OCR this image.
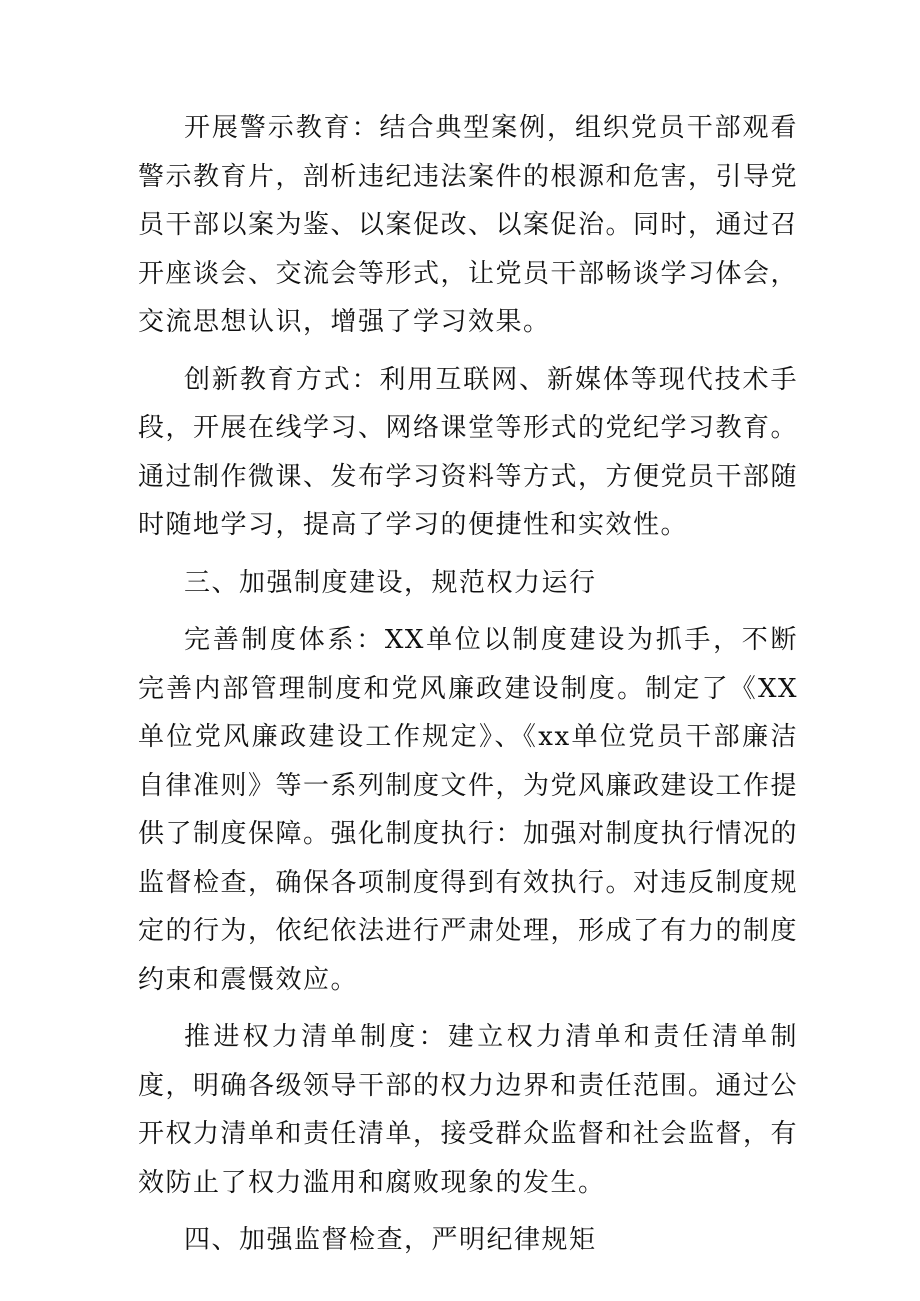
开展警示教育：结合典型案例，组织党员干部观看警示教育片，剖析违纪违法案件的根源和危害，引导党员干部以案为鉴、以案促改、以案促治。同时，通过召开座谈会、交流会等形式，让党员干部畅谈学习体会，交流思想认识，增强了学习效果。

创新教育方式：利用互联网、新媒体等现代技术手段，开展在线学习、网络课堂等形式的党纪学习教育。通过制作微课、发布学习资料等方式，方便党员干部随时随地学习，提高了学习的便捷性和实效性。

三、加强制度建设，规范权力运行

完善制度体系：XX单位以制度建设为抓手，不断完善内部管理制度和党风廉政建设制度。制定了《XX单位党风廉政建设工作规定》、《xx单位党员干部廉洁自律准则》等一系列制度文件，为党风廉政建设工作提供了制度保障。强化制度执行：加强对制度执行情况的监督检查，确保各项制度得到有效执行。对违反制度规定的行为，依纪依法进行严肃处理，形成了有力的制度约束和震慑效应。

推进权力清单制度：建立权力清单和责任清单制度，明确各级领导干部的权力边界和责任范围。通过公开权力清单和责任清单，接受群众监督和社会监督，有效防止了权力滥用和腐败现象的发生。

四、加强监督检查，严明纪律规矩
